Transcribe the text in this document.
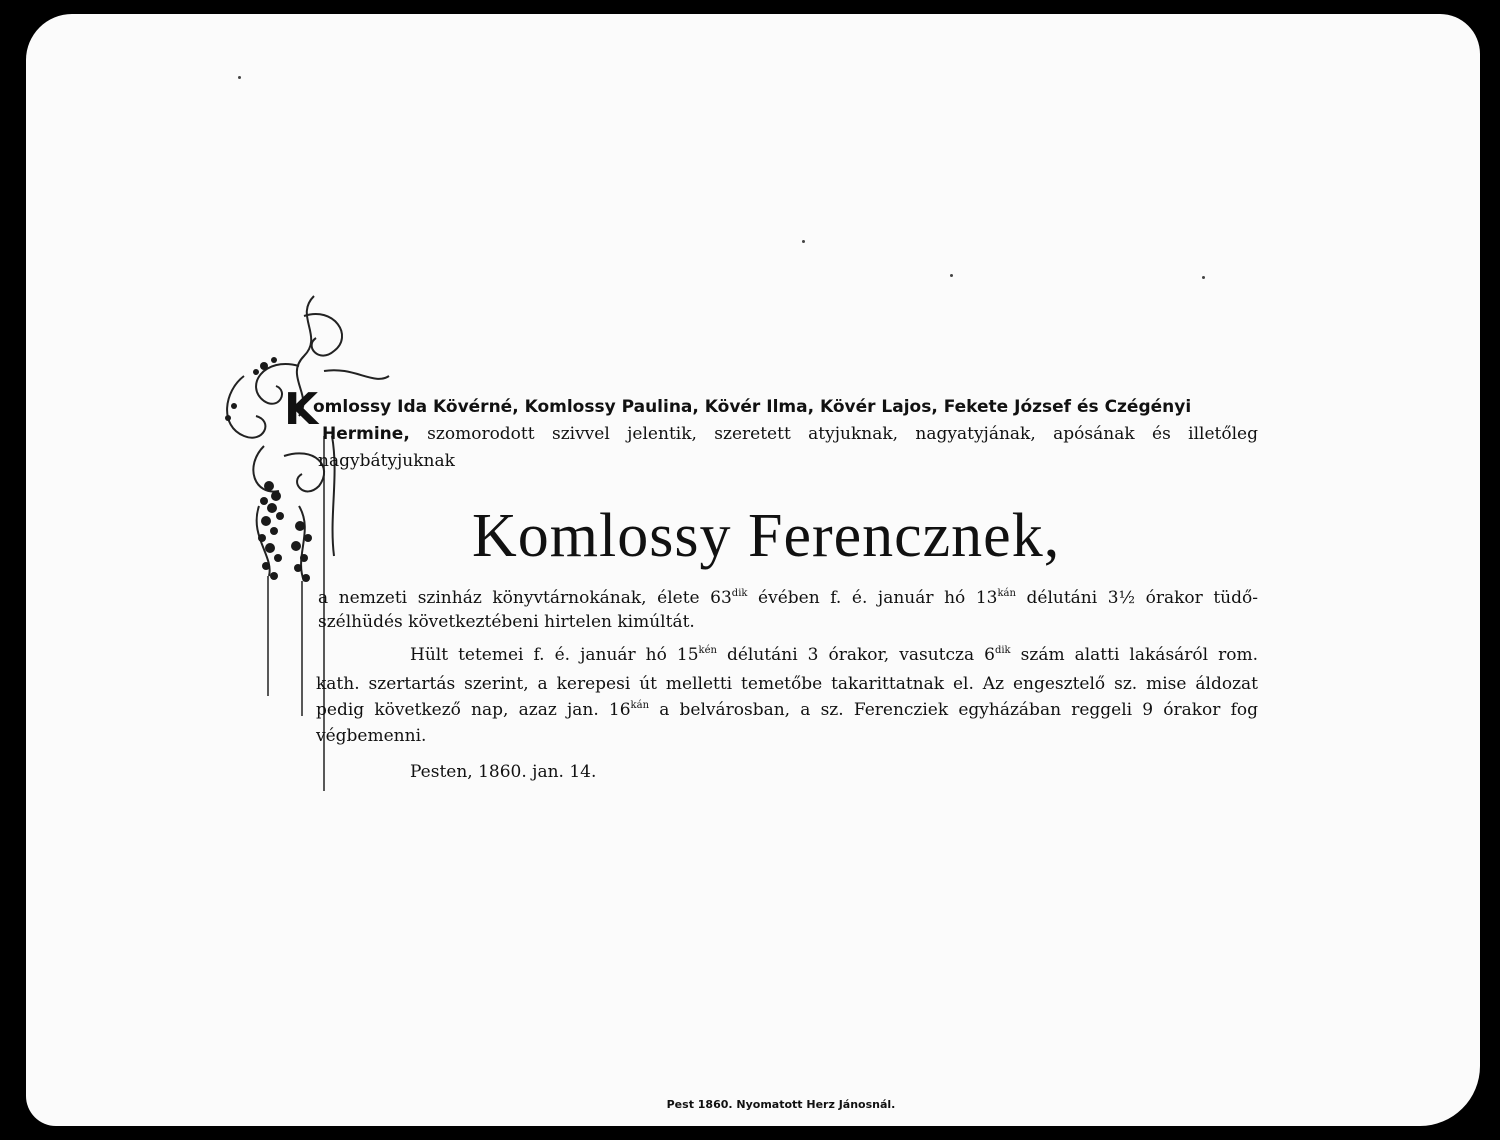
K
omlossy Ida Kövérné, Komlossy Paulina, Kövér Ilma, Kövér Lajos, Fekete József és Czégényi
Hermine, szomorodott szivvel jelentik, szeretett atyjuknak, nagyatyjának, apósának és illetőleg
nagybátyjuknak
Komlossy Ferencznek,
a nemzeti szinház könyvtárnokának, élete $63^{dik}$ évében f. é. január hó $13^{kán}$ délutáni 3½ órakor tüdő-
szélhüdés következtébeni hirtelen kimúltát.
Hült tetemei f. é. január hó $15^{kén}$ délutáni 3 órakor, vasutcza $6^{dik}$ szám alatti lakásáról rom.
kath. szertartás szerint, a kerepesi út melletti temetőbe takarittatnak el. Az engesztelő sz. mise áldozat
pedig következő nap, azaz jan. $16^{kán}$ a belvárosban, a sz. Ferencziek egyházában reggeli 9 órakor fog
végbemenni.
Pesten, 1860. jan. 14.
Pest 1860. Nyomatott Herz Jánosnál.
